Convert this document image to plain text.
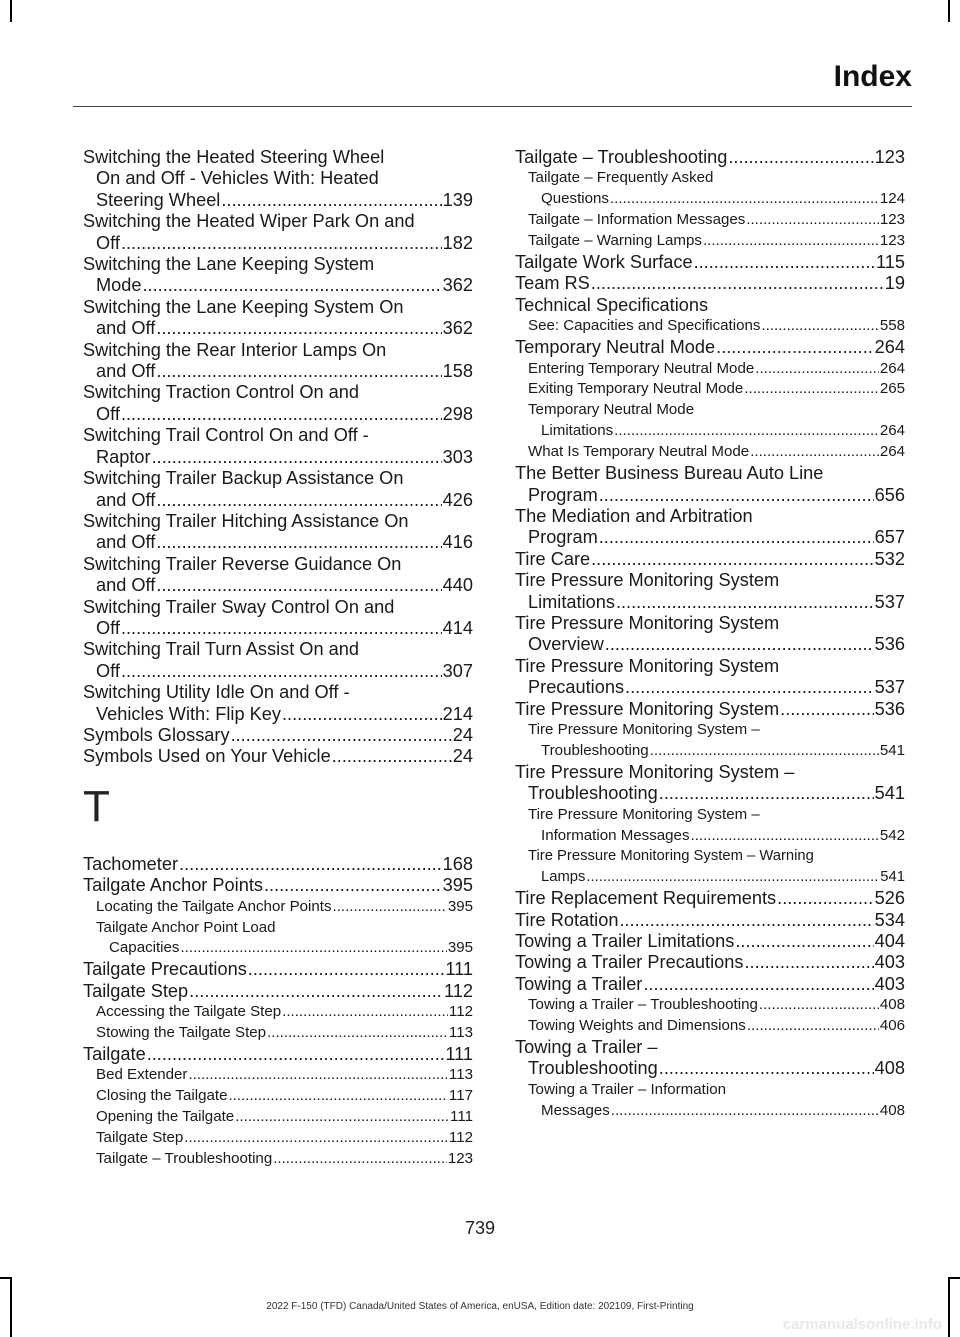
Index
Switching the Heated Steering Wheel
On and Off - Vehicles With: Heated
Steering Wheel .....	139
Switching the Heated Wiper Park On and
Off .....	182
Switching the Lane Keeping System
Mode .....	362
Switching the Lane Keeping System On
and Off .....	362
Switching the Rear Interior Lamps On
and Off .....	158
Switching Traction Control On and
Off .....	298
Switching Trail Control On and Off -
Raptor .....	303
Switching Trailer Backup Assistance On
and Off .....	426
Switching Trailer Hitching Assistance On
and Off .....	416
Switching Trailer Reverse Guidance On
and Off .....	440
Switching Trailer Sway Control On and
Off .....	414
Switching Trail Turn Assist On and
Off .....	307
Switching Utility Idle On and Off -
Vehicles With: Flip Key .....	214
Symbols Glossary .....	24
Symbols Used on Your Vehicle .....	24
T
Tachometer .....	168
Tailgate Anchor Points .....	395
Locating the Tailgate Anchor Points .....	395
Tailgate Anchor Point Load
Capacities .....	395
Tailgate Precautions .....	111
Tailgate Step .....	112
Accessing the Tailgate Step .....	112
Stowing the Tailgate Step .....	113
Tailgate .....	111
Bed Extender .....	113
Closing the Tailgate .....	117
Opening the Tailgate .....	111
Tailgate Step .....	112
Tailgate – Troubleshooting .....	123
Tailgate – Troubleshooting .....	123
Tailgate – Frequently Asked
Questions .....	124
Tailgate – Information Messages .....	123
Tailgate – Warning Lamps .....	123
Tailgate Work Surface .....	115
Team RS .....	19
Technical Specifications
See: Capacities and Specifications .....	558
Temporary Neutral Mode .....	264
Entering Temporary Neutral Mode .....	264
Exiting Temporary Neutral Mode .....	265
Temporary Neutral Mode
Limitations .....	264
What Is Temporary Neutral Mode .....	264
The Better Business Bureau Auto Line
Program .....	656
The Mediation and Arbitration
Program .....	657
Tire Care .....	532
Tire Pressure Monitoring System
Limitations .....	537
Tire Pressure Monitoring System
Overview .....	536
Tire Pressure Monitoring System
Precautions .....	537
Tire Pressure Monitoring System .....	536
Tire Pressure Monitoring System –
Troubleshooting .....	541
Tire Pressure Monitoring System –
Troubleshooting .....	541
Tire Pressure Monitoring System –
Information Messages .....	542
Tire Pressure Monitoring System – Warning
Lamps .....	541
Tire Replacement Requirements .....	526
Tire Rotation .....	534
Towing a Trailer Limitations .....	404
Towing a Trailer Precautions .....	403
Towing a Trailer .....	403
Towing a Trailer – Troubleshooting .....	408
Towing Weights and Dimensions .....	406
Towing a Trailer –
Troubleshooting .....	408
Towing a Trailer – Information
Messages .....	408
739
2022 F-150 (TFD) Canada/United States of America, enUSA, Edition date: 202109, First-Printing
carmanualsonline.info
